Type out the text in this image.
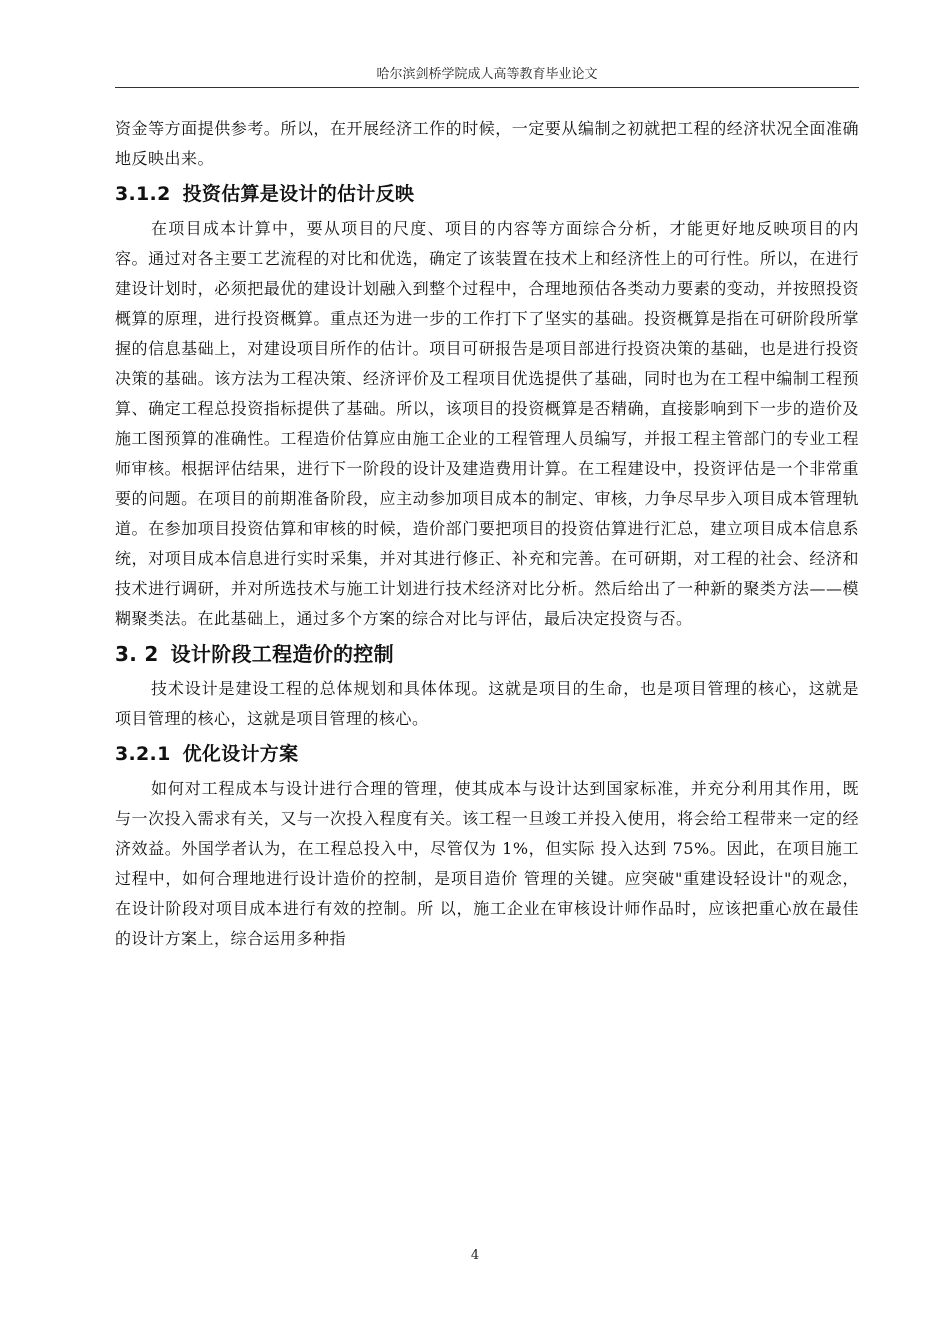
哈尔滨剑桥学院成人高等教育毕业论文

资金等方面提供参考。所以，在开展经济工作的时候，一定要从编制之初就把工程的经济状况全面准确地反映出来。

3.1.2 投资估算是设计的估计反映

在项目成本计算中，要从项目的尺度、项目的内容等方面综合分析，才能更好地反映项目的内容。通过对各主要工艺流程的对比和优选，确定了该装置在技术上和经济性上的可行性。所以，在进行建设计划时，必须把最优的建设计划融入到整个过程中，合理地预估各类动力要素的变动，并按照投资概算的原理，进行投资概算。重点还为进一步的工作打下了坚实的基础。投资概算是指在可研阶段所掌握的信息基础上，对建设项目所作的估计。项目可研报告是项目部进行投资决策的基础，也是进行投资决策的基础。该方法为工程决策、经济评价及工程项目优选提供了基础，同时也为在工程中编制工程预算、确定工程总投资指标提供了基础。所以，该项目的投资概算是否精确，直接影响到下一步的造价及施工图预算的准确性。工程造价估算应由施工企业的工程管理人员编写，并报工程主管部门的专业工程师审核。根据评估结果，进行下一阶段的设计及建造费用计算。在工程建设中，投资评估是一个非常重要的问题。在项目的前期准备阶段，应主动参加项目成本的制定、审核，力争尽早步入项目成本管理轨道。在参加项目投资估算和审核的时候，造价部门要把项目的投资估算进行汇总，建立项目成本信息系统，对项目成本信息进行实时采集，并对其进行修正、补充和完善。在可研期，对工程的社会、经济和技术进行调研，并对所选技术与施工计划进行技术经济对比分析。然后给出了一种新的聚类方法——模糊聚类法。在此基础上，通过多个方案的综合对比与评估，最后决定投资与否。

3. 2 设计阶段工程造价的控制

技术设计是建设工程的总体规划和具体体现。这就是项目的生命，也是项目管理的核心，这就是项目管理的核心，这就是项目管理的核心。

3.2.1 优化设计方案

如何对工程成本与设计进行合理的管理，使其成本与设计达到国家标准，并充分利用其作用，既与一次投入需求有关，又与一次投入程度有关。该工程一旦竣工并投入使用，将会给工程带来一定的经济效益。外国学者认为，在工程总投入中，尽管仅为 1%，但实际 投入达到 75%。因此，在项目施工过程中，如何合理地进行设计造价的控制，是项目造价 管理的关键。应突破"重建设轻设计"的观念，在设计阶段对项目成本进行有效的控制。所 以，施工企业在审核设计师作品时，应该把重心放在最佳的设计方案上，综合运用多种指

4
